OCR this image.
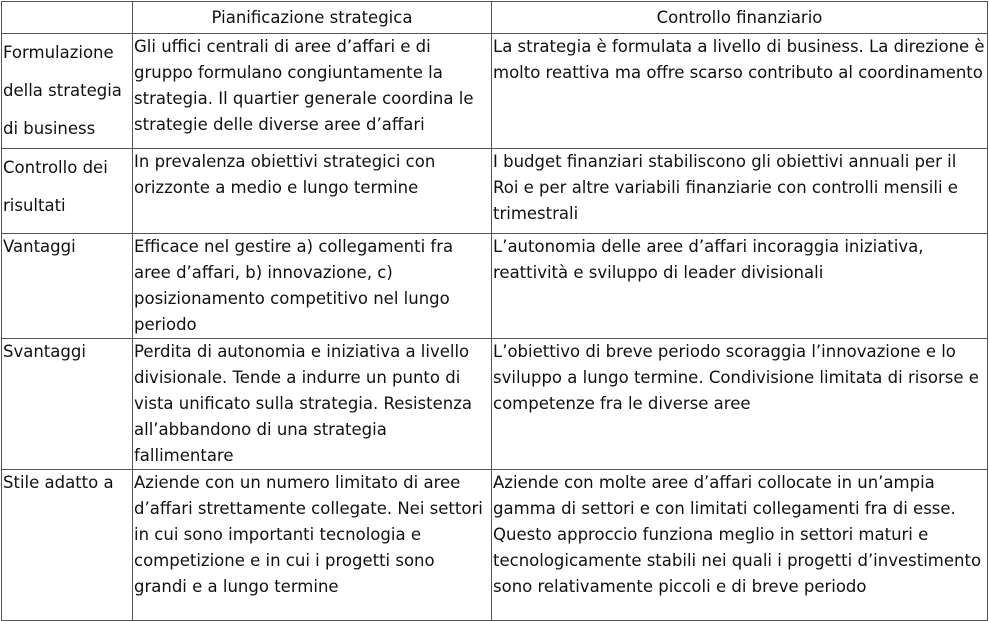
	Pianificazione strategica	Controllo finanziario
Formulazione della strategia di business	Gli uffici centrali di aree d’affari e di gruppo formulano congiuntamente la strategia. Il quartier generale coordina le strategie delle diverse aree d’affari	La strategia è formulata a livello di business. La direzione è molto reattiva ma offre scarso contributo al coordinamento
Controllo dei risultati	In prevalenza obiettivi strategici con orizzonte a medio e lungo termine	I budget finanziari stabiliscono gli obiettivi annuali per il Roi e per altre variabili finanziarie con controlli mensili e trimestrali
Vantaggi	Efficace nel gestire a) collegamenti fra aree d’affari, b) innovazione, c) posizionamento competitivo nel lungo periodo	L’autonomia delle aree d’affari incoraggia iniziativa, reattività e sviluppo di leader divisionali
Svantaggi	Perdita di autonomia e iniziativa a livello divisionale. Tende a indurre un punto di vista unificato sulla strategia. Resistenza all’abbandono di una strategia fallimentare	L’obiettivo di breve periodo scoraggia l’innovazione e lo sviluppo a lungo termine. Condivisione limitata di risorse e competenze fra le diverse aree
Stile adatto a	Aziende con un numero limitato di aree d’affari strettamente collegate. Nei settori in cui sono importanti tecnologia e competizione e in cui i progetti sono grandi e a lungo termine	Aziende con molte aree d’affari collocate in un’ampia gamma di settori e con limitati collegamenti fra di esse. Questo approccio funziona meglio in settori maturi e tecnologicamente stabili nei quali i progetti d’investimento sono relativamente piccoli e di breve periodo
